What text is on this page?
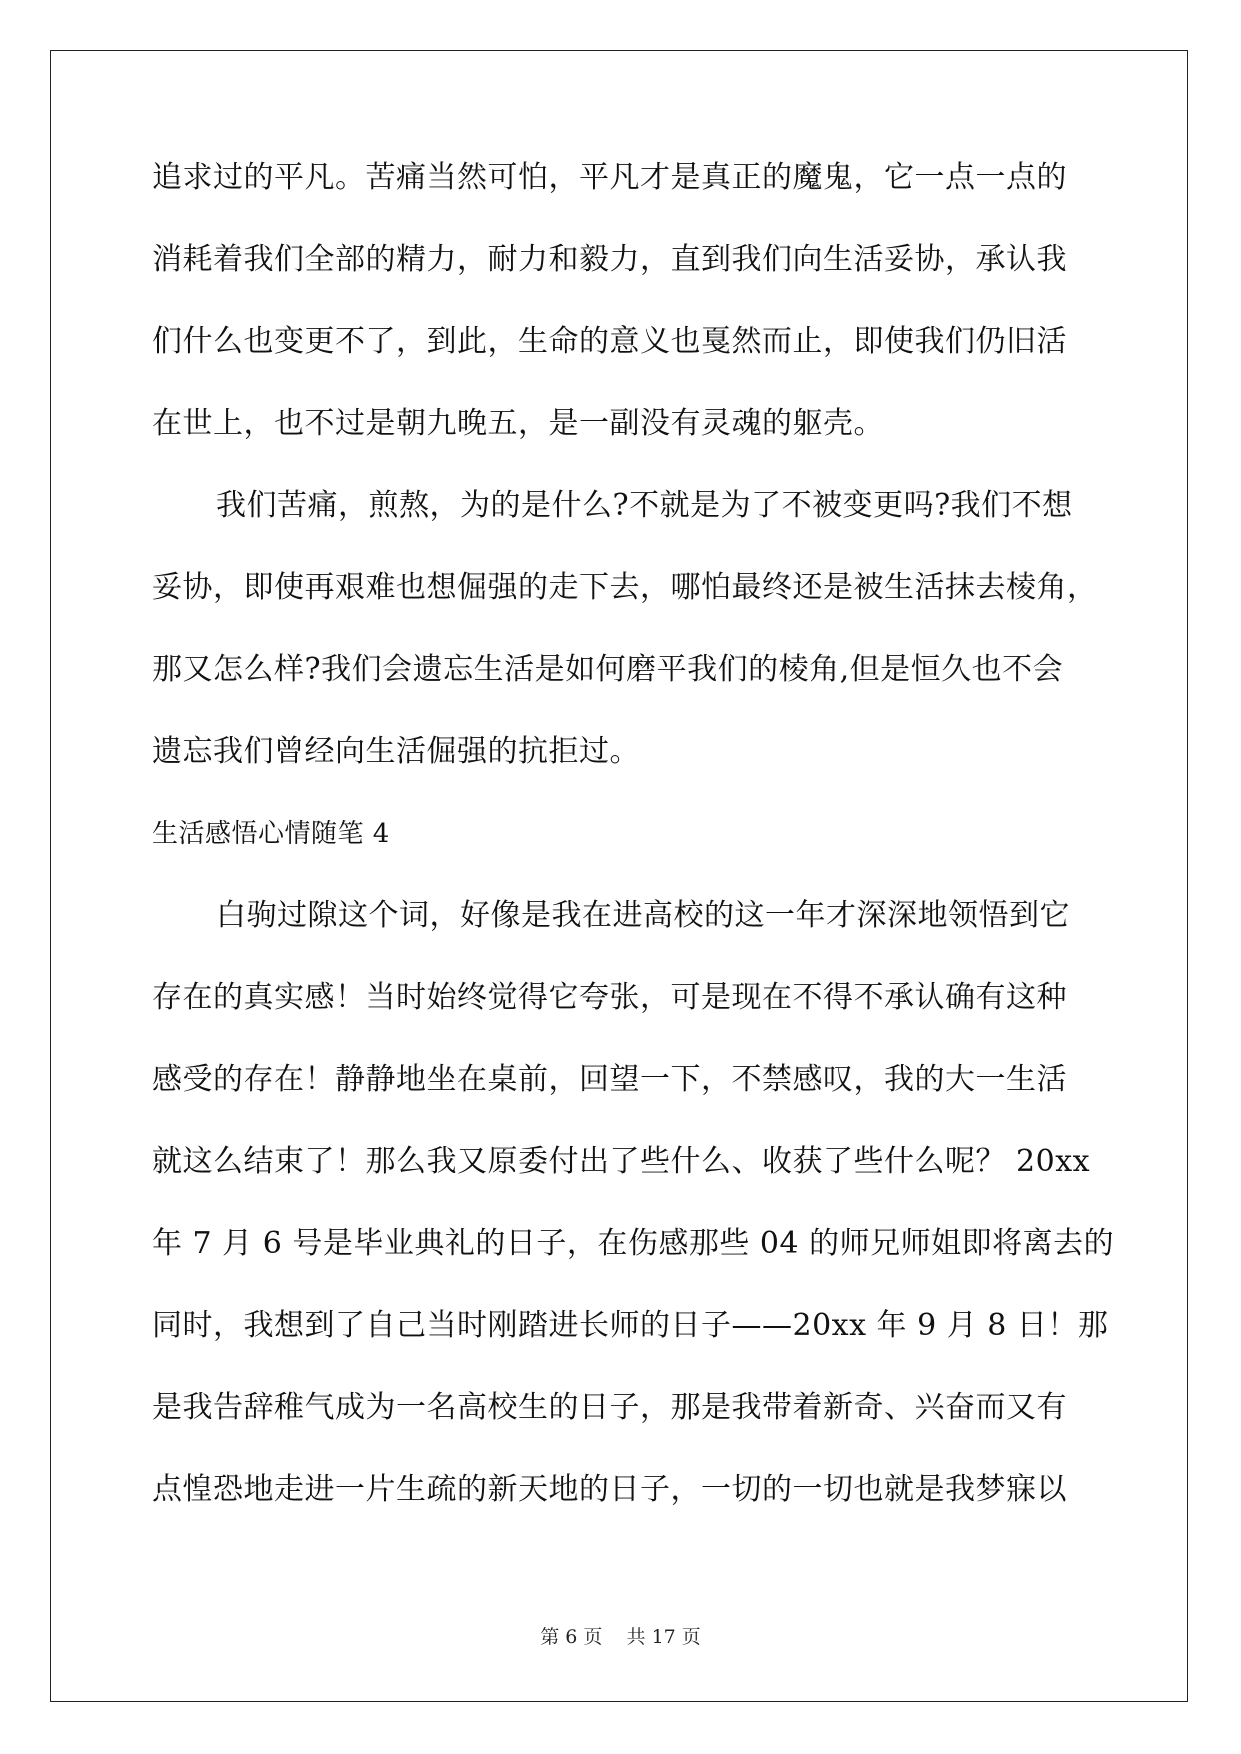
追求过的平凡。苦痛当然可怕，平凡才是真正的魔鬼，它一点一点的
消耗着我们全部的精力，耐力和毅力，直到我们向生活妥协，承认我
们什么也变更不了，到此，生命的意义也戛然而止，即使我们仍旧活
在世上，也不过是朝九晚五，是一副没有灵魂的躯壳。
我们苦痛，煎熬，为的是什么?不就是为了不被变更吗?我们不想
妥协，即使再艰难也想倔强的走下去，哪怕最终还是被生活抹去棱角，
那又怎么样?我们会遗忘生活是如何磨平我们的棱角,但是恒久也不会
遗忘我们曾经向生活倔强的抗拒过。
生活感悟心情随笔 4
白驹过隙这个词，好像是我在进高校的这一年才深深地领悟到它
存在的真实感！当时始终觉得它夸张，可是现在不得不承认确有这种
感受的存在！静静地坐在桌前，回望一下，不禁感叹，我的大一生活
就这么结束了！那么我又原委付出了些什么、收获了些什么呢？ 20xx
年 7 月 6 号是毕业典礼的日子，在伤感那些 04 的师兄师姐即将离去的
同时，我想到了自己当时刚踏进长师的日子——20xx 年 9 月 8 日！那
是我告辞稚气成为一名高校生的日子，那是我带着新奇、兴奋而又有
点惶恐地走进一片生疏的新天地的日子，一切的一切也就是我梦寐以
第 6 页    共 17 页
